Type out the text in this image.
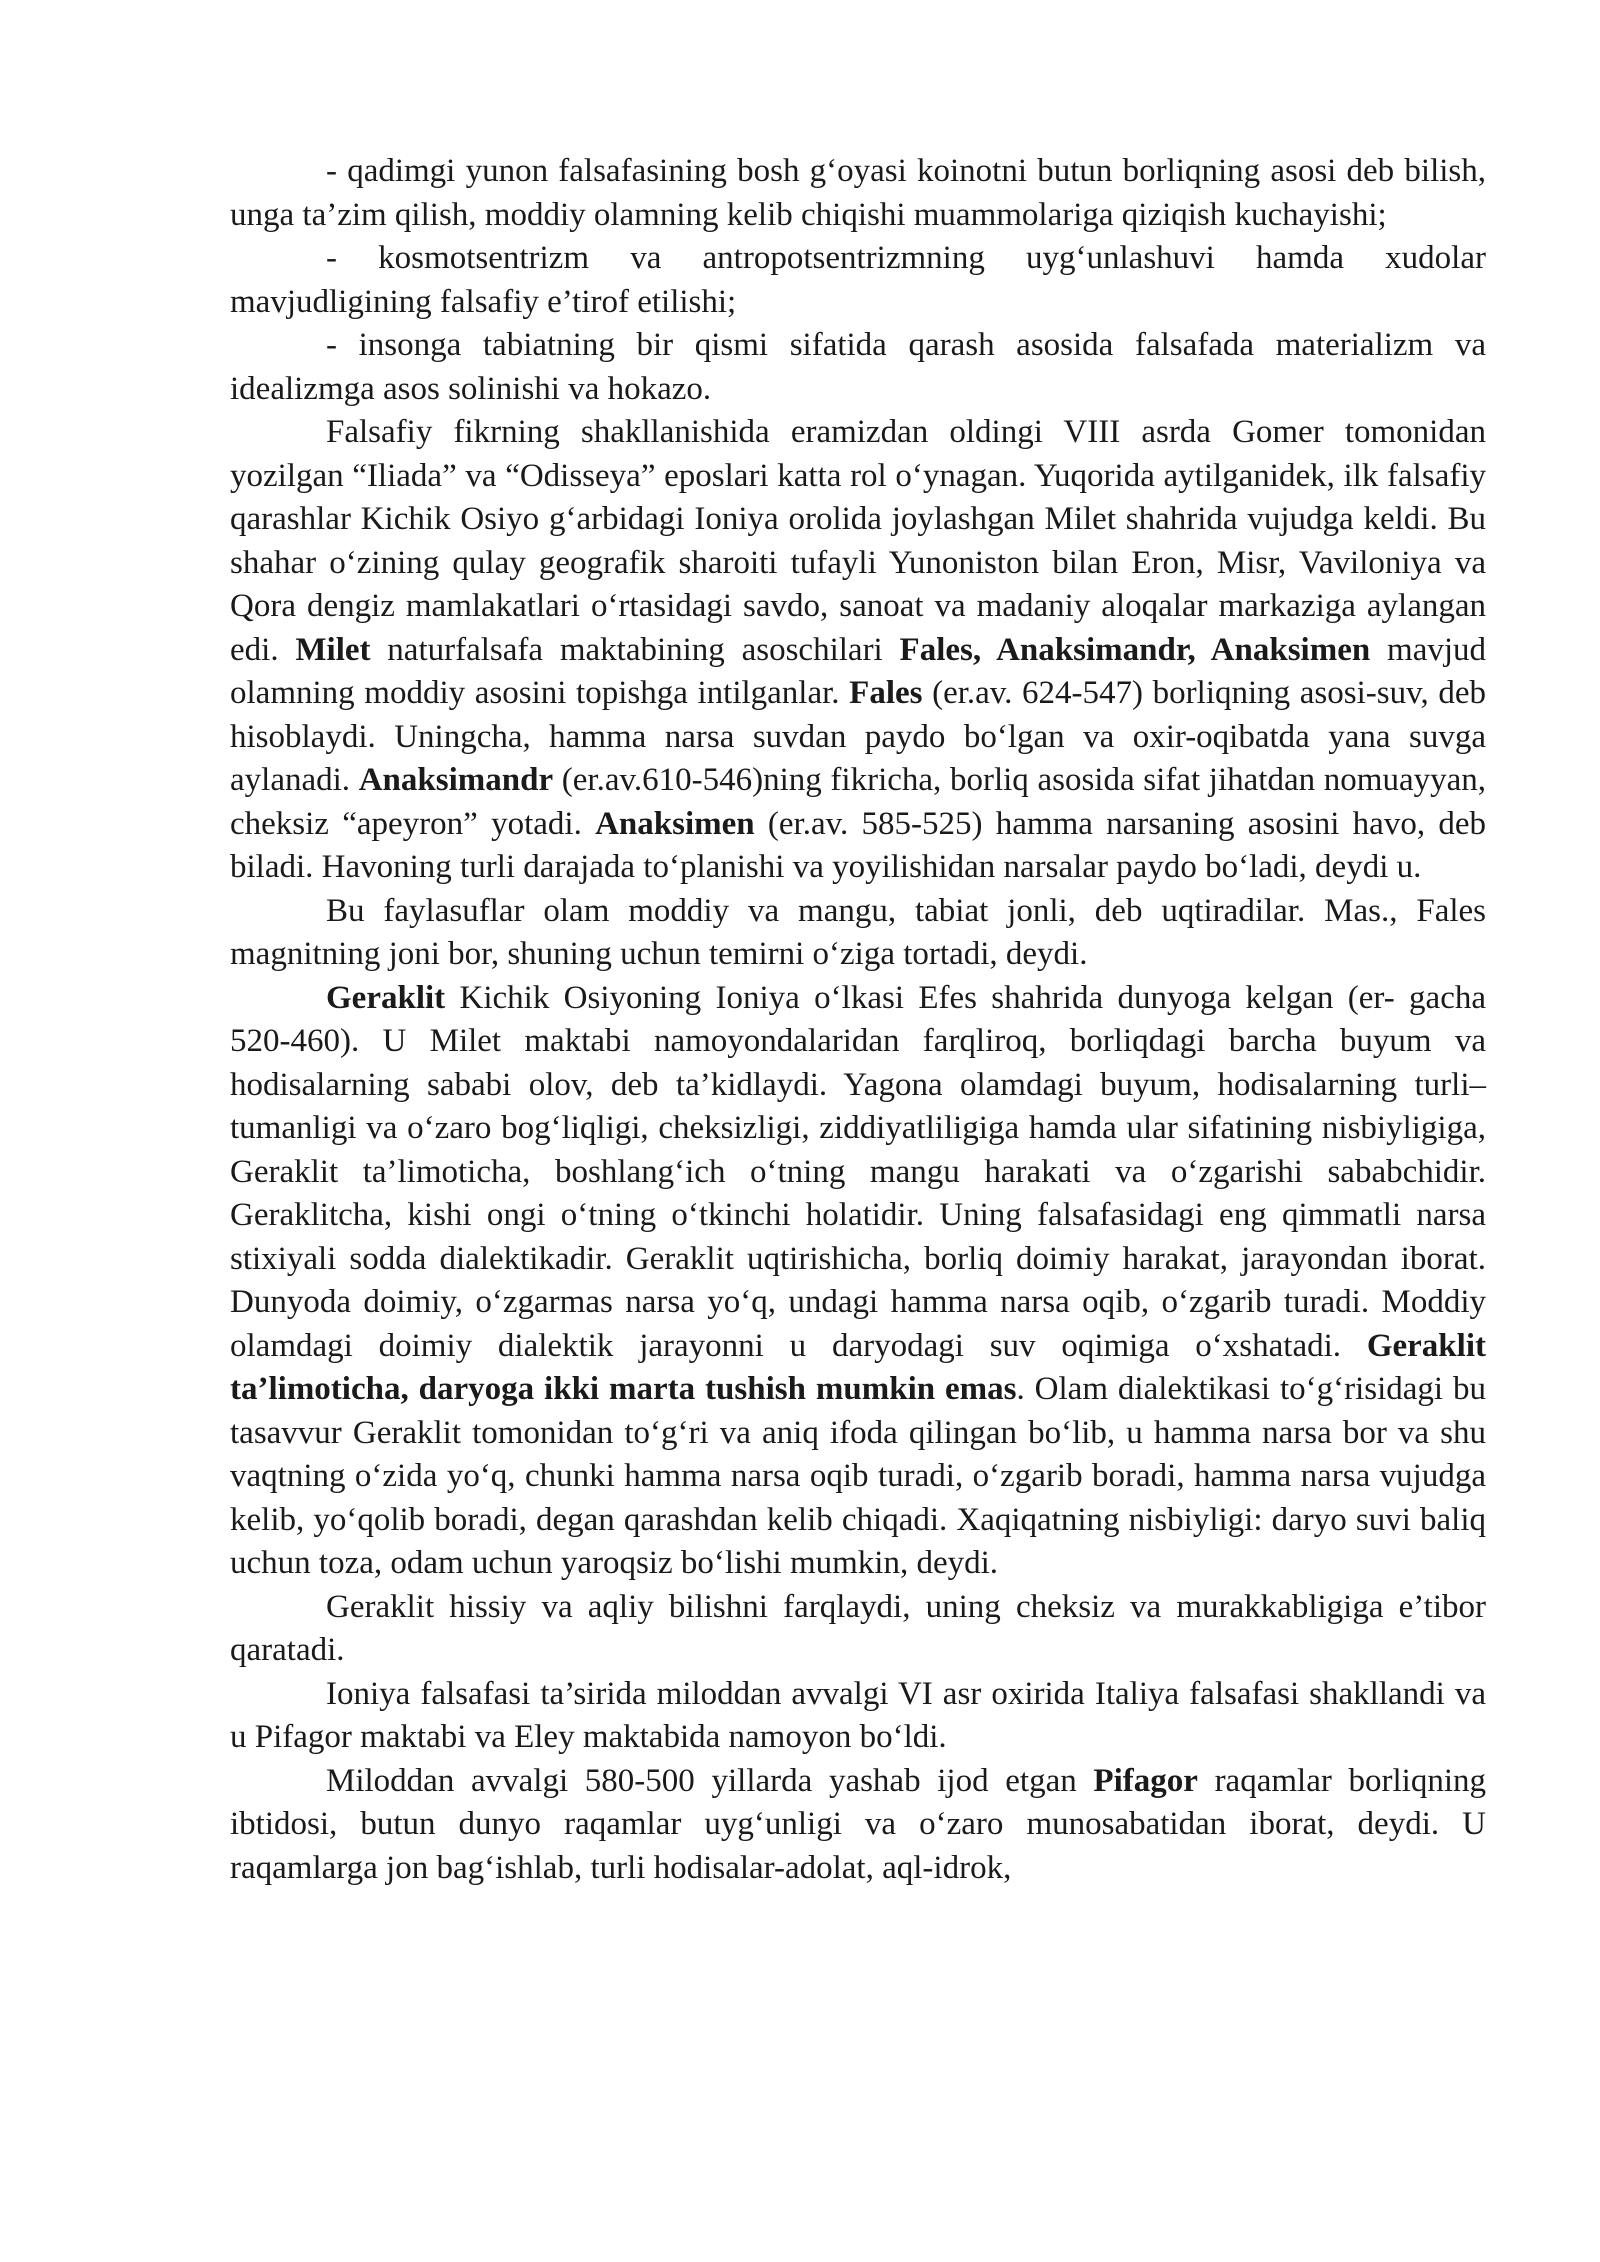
- qadimgi yunon falsafasining bosh g‘oyasi koinotni butun borliqning asosi deb bilish, unga ta’zim qilish, moddiy olamning kelib chiqishi muammolariga qiziqish kuchayishi;

- kosmotsentrizm va antropotsentrizmning uyg‘unlashuvi hamda xudolar mavjudligining falsafiy e’tirof etilishi;

- insonga tabiatning bir qismi sifatida qarash asosida falsafada materializm va idealizmga asos solinishi va hokazo.

Falsafiy fikrning shakllanishida eramizdan oldingi VIII asrda Gomer tomonidan yozilgan “Iliada” va “Odisseya” eposlari katta rol o‘ynagan. Yuqorida aytilganidek, ilk falsafiy qarashlar Kichik Osiyo g‘arbidagi Ioniya orolida joylashgan Milet shahrida vujudga keldi. Bu shahar o‘zining qulay geografik sharoiti tufayli Yunoniston bilan Eron, Misr, Vaviloniya va Qora dengiz mamlakatlari o‘rtasidagi savdo, sanoat va madaniy aloqalar markaziga aylangan edi. Milet naturfalsafa maktabining asoschilari Fales, Anaksimandr, Anaksimen mavjud olamning moddiy asosini topishga intilganlar. Fales (er.av. 624-547) borliqning asosi-suv, deb hisoblaydi. Uningcha, hamma narsa suvdan paydo bo‘lgan va oxir-oqibatda yana suvga aylanadi. Anaksimandr (er.av.610-546)ning fikricha, borliq asosida sifat jihatdan nomuayyan, cheksiz “apeyron” yotadi. Anaksimen (er.av. 585-525) hamma narsaning asosini havo, deb biladi. Havoning turli darajada to‘planishi va yoyilishidan narsalar paydo bo‘ladi, deydi u.

Bu faylasuflar olam moddiy va mangu, tabiat jonli, deb uqtiradilar. Mas., Fales magnitning joni bor, shuning uchun temirni o‘ziga tortadi, deydi.

Geraklit Kichik Osiyoning Ioniya o‘lkasi Efes shahrida dunyoga kelgan (er- gacha 520-460). U Milet maktabi namoyondalaridan farqliroq, borliqdagi barcha buyum va hodisalarning sababi olov, deb ta’kidlaydi. Yagona olamdagi buyum, hodisalarning turli–tumanligi va o‘zaro bog‘liqligi, cheksizligi, ziddiyatliligiga hamda ular sifatining nisbiyligiga, Geraklit ta’limoticha, boshlang‘ich o‘tning mangu harakati va o‘zgarishi sababchidir. Geraklitcha, kishi ongi o‘tning o‘tkinchi holatidir. Uning falsafasidagi eng qimmatli narsa stixiyali sodda dialektikadir. Geraklit uqtirishicha, borliq doimiy harakat, jarayondan iborat. Dunyoda doimiy, o‘zgarmas narsa yo‘q, undagi hamma narsa oqib, o‘zgarib turadi. Moddiy olamdagi doimiy dialektik jarayonni u daryodagi suv oqimiga o‘xshatadi. Geraklit ta’limoticha, daryoga ikki marta tushish mumkin emas. Olam dialektikasi to‘g‘risidagi bu tasavvur Geraklit tomonidan to‘g‘ri va aniq ifoda qilingan bo‘lib, u hamma narsa bor va shu vaqtning o‘zida yo‘q, chunki hamma narsa oqib turadi, o‘zgarib boradi, hamma narsa vujudga kelib, yo‘qolib boradi, degan qarashdan kelib chiqadi. Xaqiqatning nisbiyligi: daryo suvi baliq uchun toza, odam uchun yaroqsiz bo‘lishi mumkin, deydi.

Geraklit hissiy va aqliy bilishni farqlaydi, uning cheksiz va murakkabligiga e’tibor qaratadi.

Ioniya falsafasi ta’sirida miloddan avvalgi VI asr oxirida Italiya falsafasi shakllandi va u Pifagor maktabi va Eley maktabida namoyon bo‘ldi.

Miloddan avvalgi 580-500 yillarda yashab ijod etgan Pifagor raqamlar borliqning ibtidosi, butun dunyo raqamlar uyg‘unligi va o‘zaro munosabatidan iborat, deydi. U raqamlarga jon bag‘ishlab, turli hodisalar-adolat, aql-idrok,
